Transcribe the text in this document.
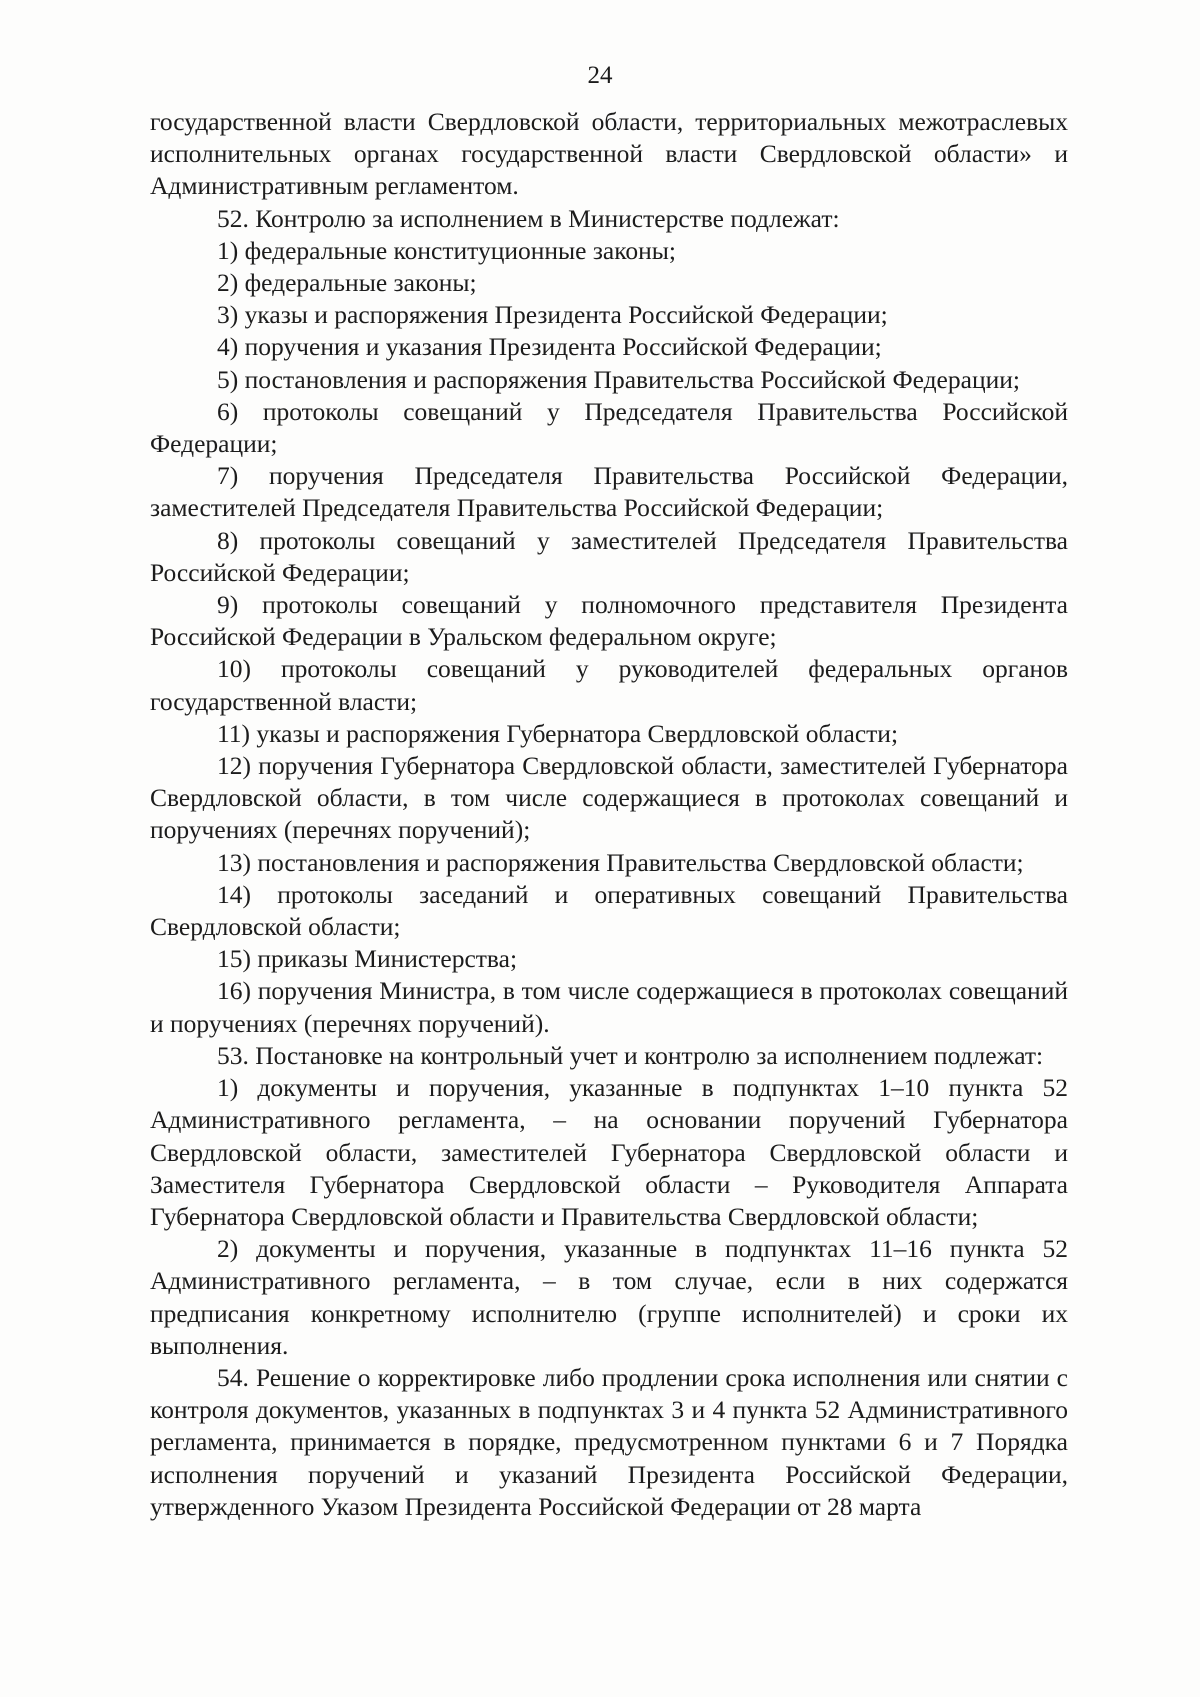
24

государственной власти Свердловской области, территориальных межотраслевых исполнительных органах государственной власти Свердловской области» и Административным регламентом.

52. Контролю за исполнением в Министерстве подлежат:

1) федеральные конституционные законы;

2) федеральные законы;

3) указы и распоряжения Президента Российской Федерации;

4) поручения и указания Президента Российской Федерации;

5) постановления и распоряжения Правительства Российской Федерации;

6) протоколы совещаний у Председателя Правительства Российской Федерации;

7) поручения Председателя Правительства Российской Федерации, заместителей Председателя Правительства Российской Федерации;

8) протоколы совещаний у заместителей Председателя Правительства Российской Федерации;

9) протоколы совещаний у полномочного представителя Президента Российской Федерации в Уральском федеральном округе;

10) протоколы совещаний у руководителей федеральных органов государственной власти;

11) указы и распоряжения Губернатора Свердловской области;

12) поручения Губернатора Свердловской области, заместителей Губернатора Свердловской области, в том числе содержащиеся в протоколах совещаний и поручениях (перечнях поручений);

13) постановления и распоряжения Правительства Свердловской области;

14) протоколы заседаний и оперативных совещаний Правительства Свердловской области;

15) приказы Министерства;

16) поручения Министра, в том числе содержащиеся в протоколах совещаний и поручениях (перечнях поручений).

53. Постановке на контрольный учет и контролю за исполнением подлежат:

1) документы и поручения, указанные в подпунктах 1–10 пункта 52 Административного регламента, – на основании поручений Губернатора Свердловской области, заместителей Губернатора Свердловской области и Заместителя Губернатора Свердловской области – Руководителя Аппарата Губернатора Свердловской области и Правительства Свердловской области;

2) документы и поручения, указанные в подпунктах 11–16 пункта 52 Административного регламента, – в том случае, если в них содержатся предписания конкретному исполнителю (группе исполнителей) и сроки их выполнения.

54. Решение о корректировке либо продлении срока исполнения или снятии с контроля документов, указанных в подпунктах 3 и 4 пункта 52 Административного регламента, принимается в порядке, предусмотренном пунктами 6 и 7 Порядка исполнения поручений и указаний Президента Российской Федерации, утвержденного Указом Президента Российской Федерации от 28 марта
